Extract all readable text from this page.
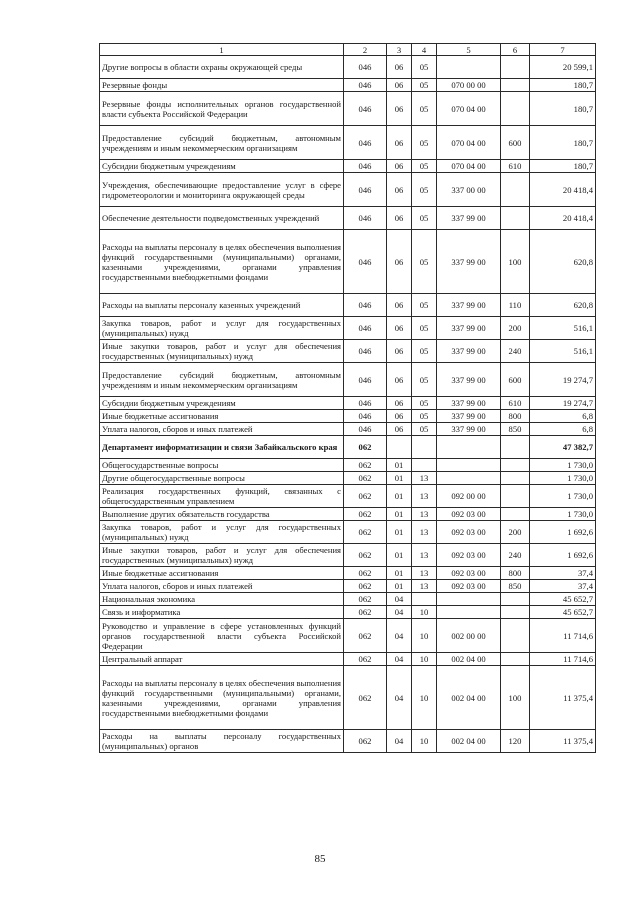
1	2	3	4	5	6	7
Другие вопросы в области охраны окружающей среды	046	06	05			20 599,1
Резервные фонды	046	06	05	070 00 00		180,7
Резервные фонды исполнительных органов государственной власти субъекта Российской Федерации	046	06	05	070 04 00		180,7
Предоставление субсидий бюджетным, автономным учреждениям и иным некоммерческим организациям	046	06	05	070 04 00	600	180,7
Субсидии бюджетным учреждениям	046	06	05	070 04 00	610	180,7
Учреждения, обеспечивающие предоставление услуг в сфере гидрометеорологии и мониторинга окружающей среды	046	06	05	337 00 00		20 418,4
Обеспечение деятельности подведомственных учреждений	046	06	05	337 99 00		20 418,4
Расходы на выплаты персоналу в целях обеспечения выполнения функций государственными (муниципальными) органами, казенными учреждениями, органами управления государственными внебюджетными фондами	046	06	05	337 99 00	100	620,8
Расходы на выплаты персоналу казенных учреждений	046	06	05	337 99 00	110	620,8
Закупка товаров, работ и услуг для государственных (муниципальных) нужд	046	06	05	337 99 00	200	516,1
Иные закупки товаров, работ и услуг для обеспечения государственных (муниципальных) нужд	046	06	05	337 99 00	240	516,1
Предоставление субсидий бюджетным, автономным учреждениям и иным некоммерческим организациям	046	06	05	337 99 00	600	19 274,7
Субсидии бюджетным учреждениям	046	06	05	337 99 00	610	19 274,7
Иные бюджетные ассигнования	046	06	05	337 99 00	800	6,8
Уплата налогов, сборов и иных платежей	046	06	05	337 99 00	850	6,8
Департамент информатизации и связи Забайкальского края	062					47 382,7
Общегосударственные вопросы	062	01				1 730,0
Другие общегосударственные вопросы	062	01	13			1 730,0
Реализация государственных функций, связанных с общегосударственным управлением	062	01	13	092 00 00		1 730,0
Выполнение других обязательств государства	062	01	13	092 03 00		1 730,0
Закупка товаров, работ и услуг для государственных (муниципальных) нужд	062	01	13	092 03 00	200	1 692,6
Иные закупки товаров, работ и услуг для обеспечения государственных (муниципальных) нужд	062	01	13	092 03 00	240	1 692,6
Иные бюджетные ассигнования	062	01	13	092 03 00	800	37,4
Уплата налогов, сборов и иных платежей	062	01	13	092 03 00	850	37,4
Национальная экономика	062	04				45 652,7
Связь и информатика	062	04	10			45 652,7
Руководство и управление в сфере установленных функций органов государственной власти субъекта Российской Федерации	062	04	10	002 00 00		11 714,6
Центральный аппарат	062	04	10	002 04 00		11 714,6
Расходы на выплаты персоналу в целях обеспечения выполнения функций государственными (муниципальными) органами, казенными учреждениями, органами управления государственными внебюджетными фондами	062	04	10	002 04 00	100	11 375,4
Расходы на выплаты персоналу государственных (муниципальных) органов	062	04	10	002 04 00	120	11 375,4
85
